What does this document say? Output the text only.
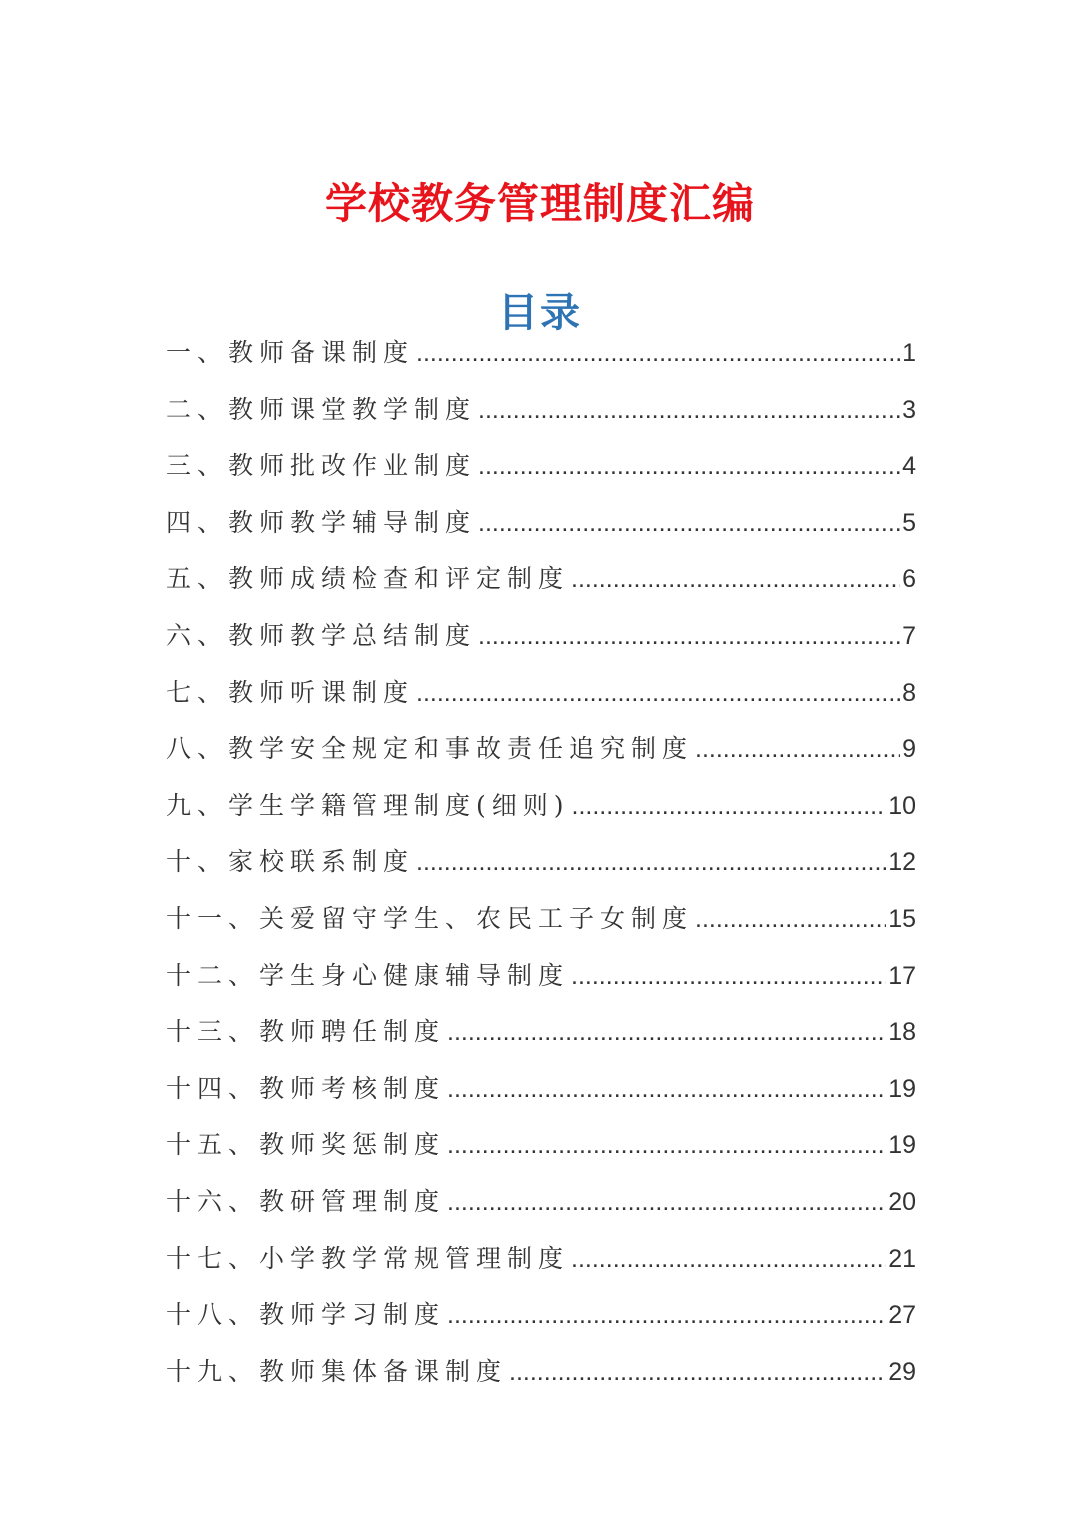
学校教务管理制度汇编
目录
一、教师备课制度 .....	1
二、教师课堂教学制度 .....	3
三、教师批改作业制度 .....	4
四、教师教学辅导制度 .....	5
五、教师成绩检查和评定制度 .....	6
六、教师教学总结制度 .....	7
七、教师听课制度 .....	8
八、教学安全规定和事故责任追究制度 .....	9
九、学生学籍管理制度(细则) .....	10
十、家校联系制度 .....	12
十一、关爱留守学生、农民工子女制度 .....	15
十二、学生身心健康辅导制度 .....	17
十三、教师聘任制度 .....	18
十四、教师考核制度 .....	19
十五、教师奖惩制度 .....	19
十六、教研管理制度 .....	20
十七、小学教学常规管理制度 .....	21
十八、教师学习制度 .....	27
十九、教师集体备课制度 .....	29
